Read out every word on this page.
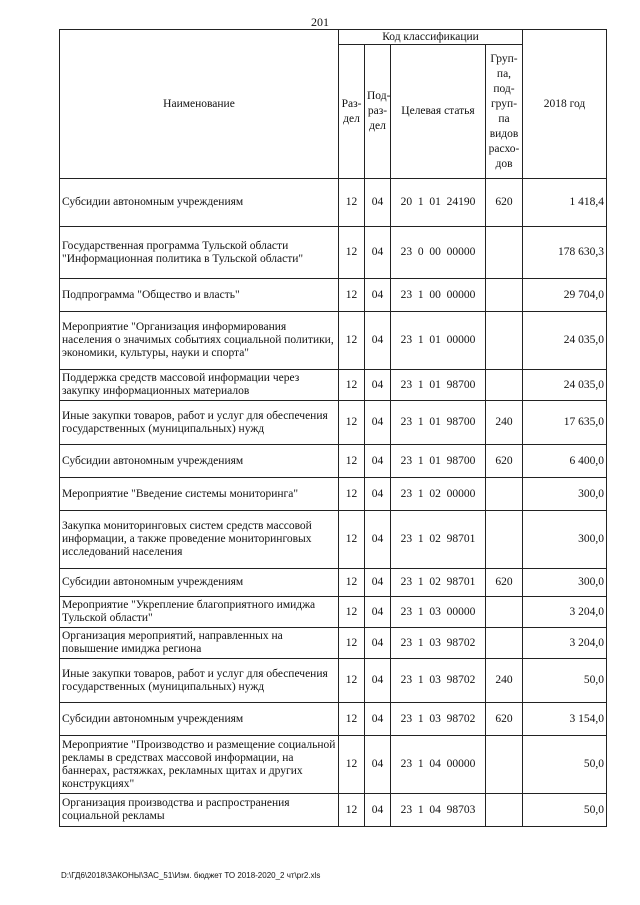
201
Наименование	Код классификации				2018 год
	Раз-дел	Под-раз-дел	Целевая статья	Груп-па, под-груп-па видов расхо-дов	
Субсидии автономным учреждениям	12	04	20  1  01  24190	620	1 418,4
Государственная программа Тульской области "Информационная политика в Тульской области"	12	04	23  0  00  00000		178 630,3
Подпрограмма "Общество и власть"	12	04	23  1  00  00000		29 704,0
Мероприятие "Организация информирования населения о значимых событиях социальной политики, экономики, культуры, науки и спорта"	12	04	23  1  01  00000		24 035,0
Поддержка средств массовой информации через закупку информационных материалов	12	04	23  1  01  98700		24 035,0
Иные закупки товаров, работ и услуг для обеспечения государственных (муниципальных) нужд	12	04	23  1  01  98700	240	17 635,0
Субсидии автономным учреждениям	12	04	23  1  01  98700	620	6 400,0
Мероприятие "Введение системы мониторинга"	12	04	23  1  02  00000		300,0
Закупка мониторинговых систем средств массовой информации, а также проведение мониторинговых исследований населения	12	04	23  1  02  98701		300,0
Субсидии автономным учреждениям	12	04	23  1  02  98701	620	300,0
Мероприятие "Укрепление благоприятного имиджа Тульской области"	12	04	23  1  03  00000		3 204,0
Организация мероприятий, направленных на повышение имиджа региона	12	04	23  1  03  98702		3 204,0
Иные закупки товаров, работ и услуг для обеспечения государственных (муниципальных) нужд	12	04	23  1  03  98702	240	50,0
Субсидии автономным учреждениям	12	04	23  1  03  98702	620	3 154,0
Мероприятие "Производство и размещение социальной рекламы в средствах массовой информации, на баннерах, растяжках, рекламных щитах и других конструкциях"	12	04	23  1  04  00000		50,0
Организация производства и распространения социальной рекламы	12	04	23  1  04  98703		50,0
D:\ГД6\2018\ЗАКОНЫ\ЗАС_51\Изм. бюджет ТО 2018-2020_2 чт\pr2.xls
